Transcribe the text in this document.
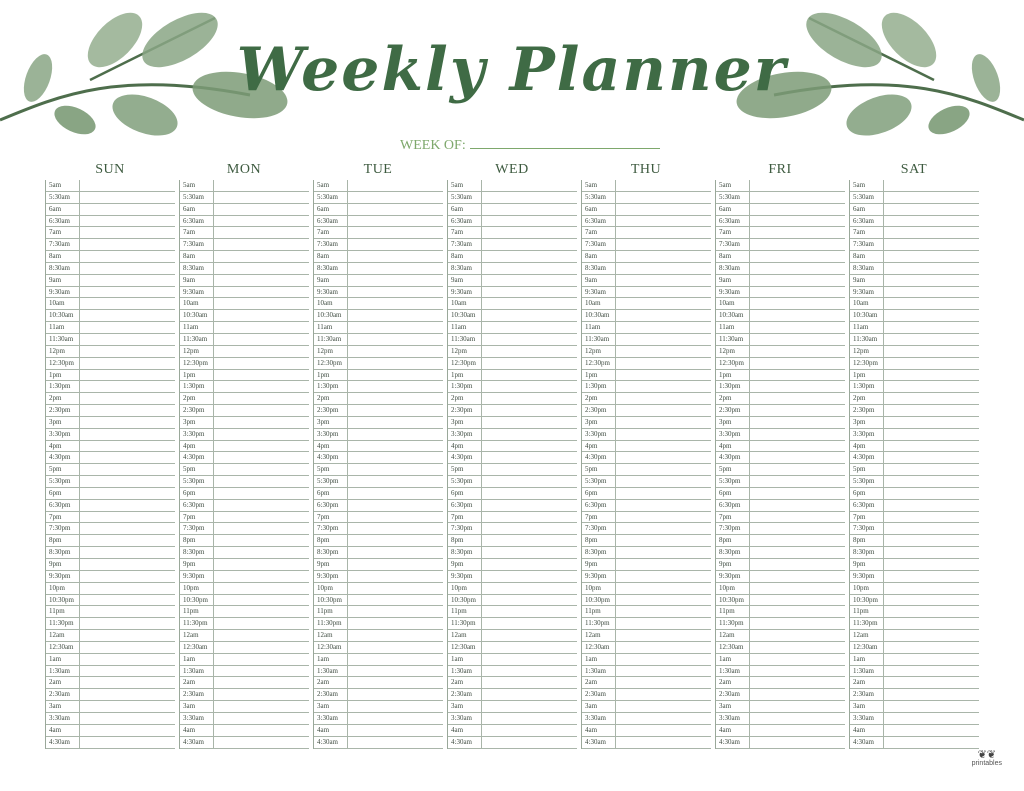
Weekly Planner
WEEK OF:
SUN
5am
5:30am
6am
6:30am
7am
7:30am
8am
8:30am
9am
9:30am
10am
10:30am
11am
11:30am
12pm
12:30pm
1pm
1:30pm
2pm
2:30pm
3pm
3:30pm
4pm
4:30pm
5pm
5:30pm
6pm
6:30pm
7pm
7:30pm
8pm
8:30pm
9pm
9:30pm
10pm
10:30pm
11pm
11:30pm
12am
12:30am
1am
1:30am
2am
2:30am
3am
3:30am
4am
4:30am
MON
5am
5:30am
6am
6:30am
7am
7:30am
8am
8:30am
9am
9:30am
10am
10:30am
11am
11:30am
12pm
12:30pm
1pm
1:30pm
2pm
2:30pm
3pm
3:30pm
4pm
4:30pm
5pm
5:30pm
6pm
6:30pm
7pm
7:30pm
8pm
8:30pm
9pm
9:30pm
10pm
10:30pm
11pm
11:30pm
12am
12:30am
1am
1:30am
2am
2:30am
3am
3:30am
4am
4:30am
TUE
5am
5:30am
6am
6:30am
7am
7:30am
8am
8:30am
9am
9:30am
10am
10:30am
11am
11:30am
12pm
12:30pm
1pm
1:30pm
2pm
2:30pm
3pm
3:30pm
4pm
4:30pm
5pm
5:30pm
6pm
6:30pm
7pm
7:30pm
8pm
8:30pm
9pm
9:30pm
10pm
10:30pm
11pm
11:30pm
12am
12:30am
1am
1:30am
2am
2:30am
3am
3:30am
4am
4:30am
WED
5am
5:30am
6am
6:30am
7am
7:30am
8am
8:30am
9am
9:30am
10am
10:30am
11am
11:30am
12pm
12:30pm
1pm
1:30pm
2pm
2:30pm
3pm
3:30pm
4pm
4:30pm
5pm
5:30pm
6pm
6:30pm
7pm
7:30pm
8pm
8:30pm
9pm
9:30pm
10pm
10:30pm
11pm
11:30pm
12am
12:30am
1am
1:30am
2am
2:30am
3am
3:30am
4am
4:30am
THU
5am
5:30am
6am
6:30am
7am
7:30am
8am
8:30am
9am
9:30am
10am
10:30am
11am
11:30am
12pm
12:30pm
1pm
1:30pm
2pm
2:30pm
3pm
3:30pm
4pm
4:30pm
5pm
5:30pm
6pm
6:30pm
7pm
7:30pm
8pm
8:30pm
9pm
9:30pm
10pm
10:30pm
11pm
11:30pm
12am
12:30am
1am
1:30am
2am
2:30am
3am
3:30am
4am
4:30am
FRI
5am
5:30am
6am
6:30am
7am
7:30am
8am
8:30am
9am
9:30am
10am
10:30am
11am
11:30am
12pm
12:30pm
1pm
1:30pm
2pm
2:30pm
3pm
3:30pm
4pm
4:30pm
5pm
5:30pm
6pm
6:30pm
7pm
7:30pm
8pm
8:30pm
9pm
9:30pm
10pm
10:30pm
11pm
11:30pm
12am
12:30am
1am
1:30am
2am
2:30am
3am
3:30am
4am
4:30am
SAT
5am
5:30am
6am
6:30am
7am
7:30am
8am
8:30am
9am
9:30am
10am
10:30am
11am
11:30am
12pm
12:30pm
1pm
1:30pm
2pm
2:30pm
3pm
3:30pm
4pm
4:30pm
5pm
5:30pm
6pm
6:30pm
7pm
7:30pm
8pm
8:30pm
9pm
9:30pm
10pm
10:30pm
11pm
11:30pm
12am
12:30am
1am
1:30am
2am
2:30am
3am
3:30am
4am
4:30am
❦❦
printables
